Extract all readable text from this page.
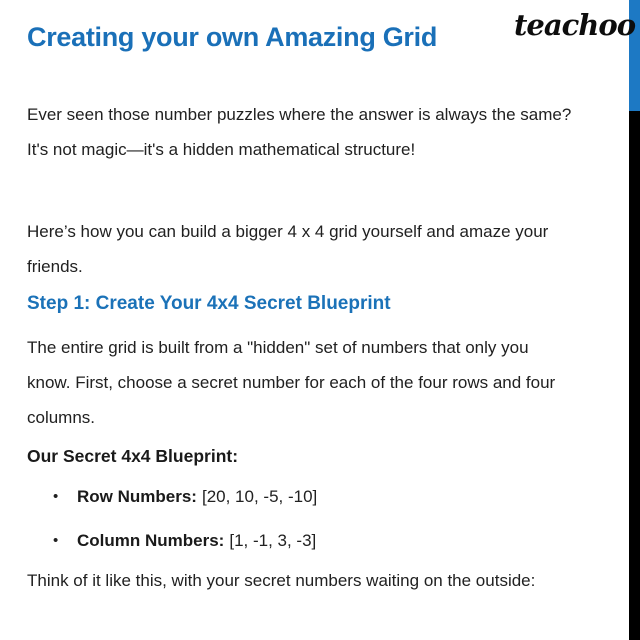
Creating your own Amazing Grid	teachoo

Ever seen those number puzzles where the answer is always the same?

It's not magic—it's a hidden mathematical structure!

Here’s how you can build a bigger 4 x 4 grid yourself and amaze your

friends.

Step 1: Create Your 4x4 Secret Blueprint

The entire grid is built from a "hidden" set of numbers that only you

know. First, choose a secret number for each of the four rows and four

columns.

Our Secret 4x4 Blueprint:

• Row Numbers: [20, 10, -5, -10]
• Column Numbers: [1, -1, 3, -3]

Think of it like this, with your secret numbers waiting on the outside:
